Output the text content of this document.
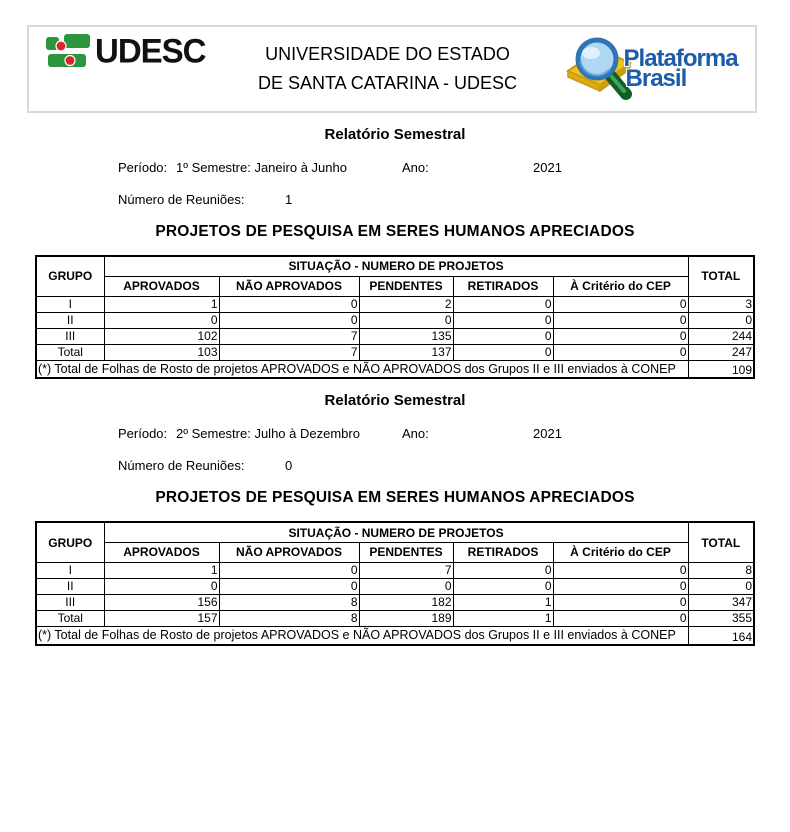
UDESC	UNIVERSIDADE DO ESTADO
DE SANTA CATARINA - UDESC
Plataforma
Brasil
Relatório Semestral
Período: 1º Semestre: Janeiro à Junho	Ano:	2021
Número de Reuniões:	1
PROJETOS DE PESQUISA EM SERES HUMANOS APRECIADOS
GRUPO	SITUAÇÃO - NUMERO DE PROJETOS					TOTAL
	APROVADOS	NÃO APROVADOS	PENDENTES	RETIRADOS	À Critério do CEP	
I	1	0	2	0	0	3
II	0	0	0	0	0	0
III	102	7	135	0	0	244
Total	103	7	137	0	0	247
(*) Total de Folhas de Rosto de projetos APROVADOS e NÃO APROVADOS dos Grupos II e III enviados à CONEP						109
Relatório Semestral
Período: 2º Semestre: Julho à Dezembro	Ano:	2021
Número de Reuniões:	0
PROJETOS DE PESQUISA EM SERES HUMANOS APRECIADOS
GRUPO	SITUAÇÃO - NUMERO DE PROJETOS					TOTAL
	APROVADOS	NÃO APROVADOS	PENDENTES	RETIRADOS	À Critério do CEP	
I	1	0	7	0	0	8
II	0	0	0	0	0	0
III	156	8	182	1	0	347
Total	157	8	189	1	0	355
(*) Total de Folhas de Rosto de projetos APROVADOS e NÃO APROVADOS dos Grupos II e III enviados à CONEP						164
